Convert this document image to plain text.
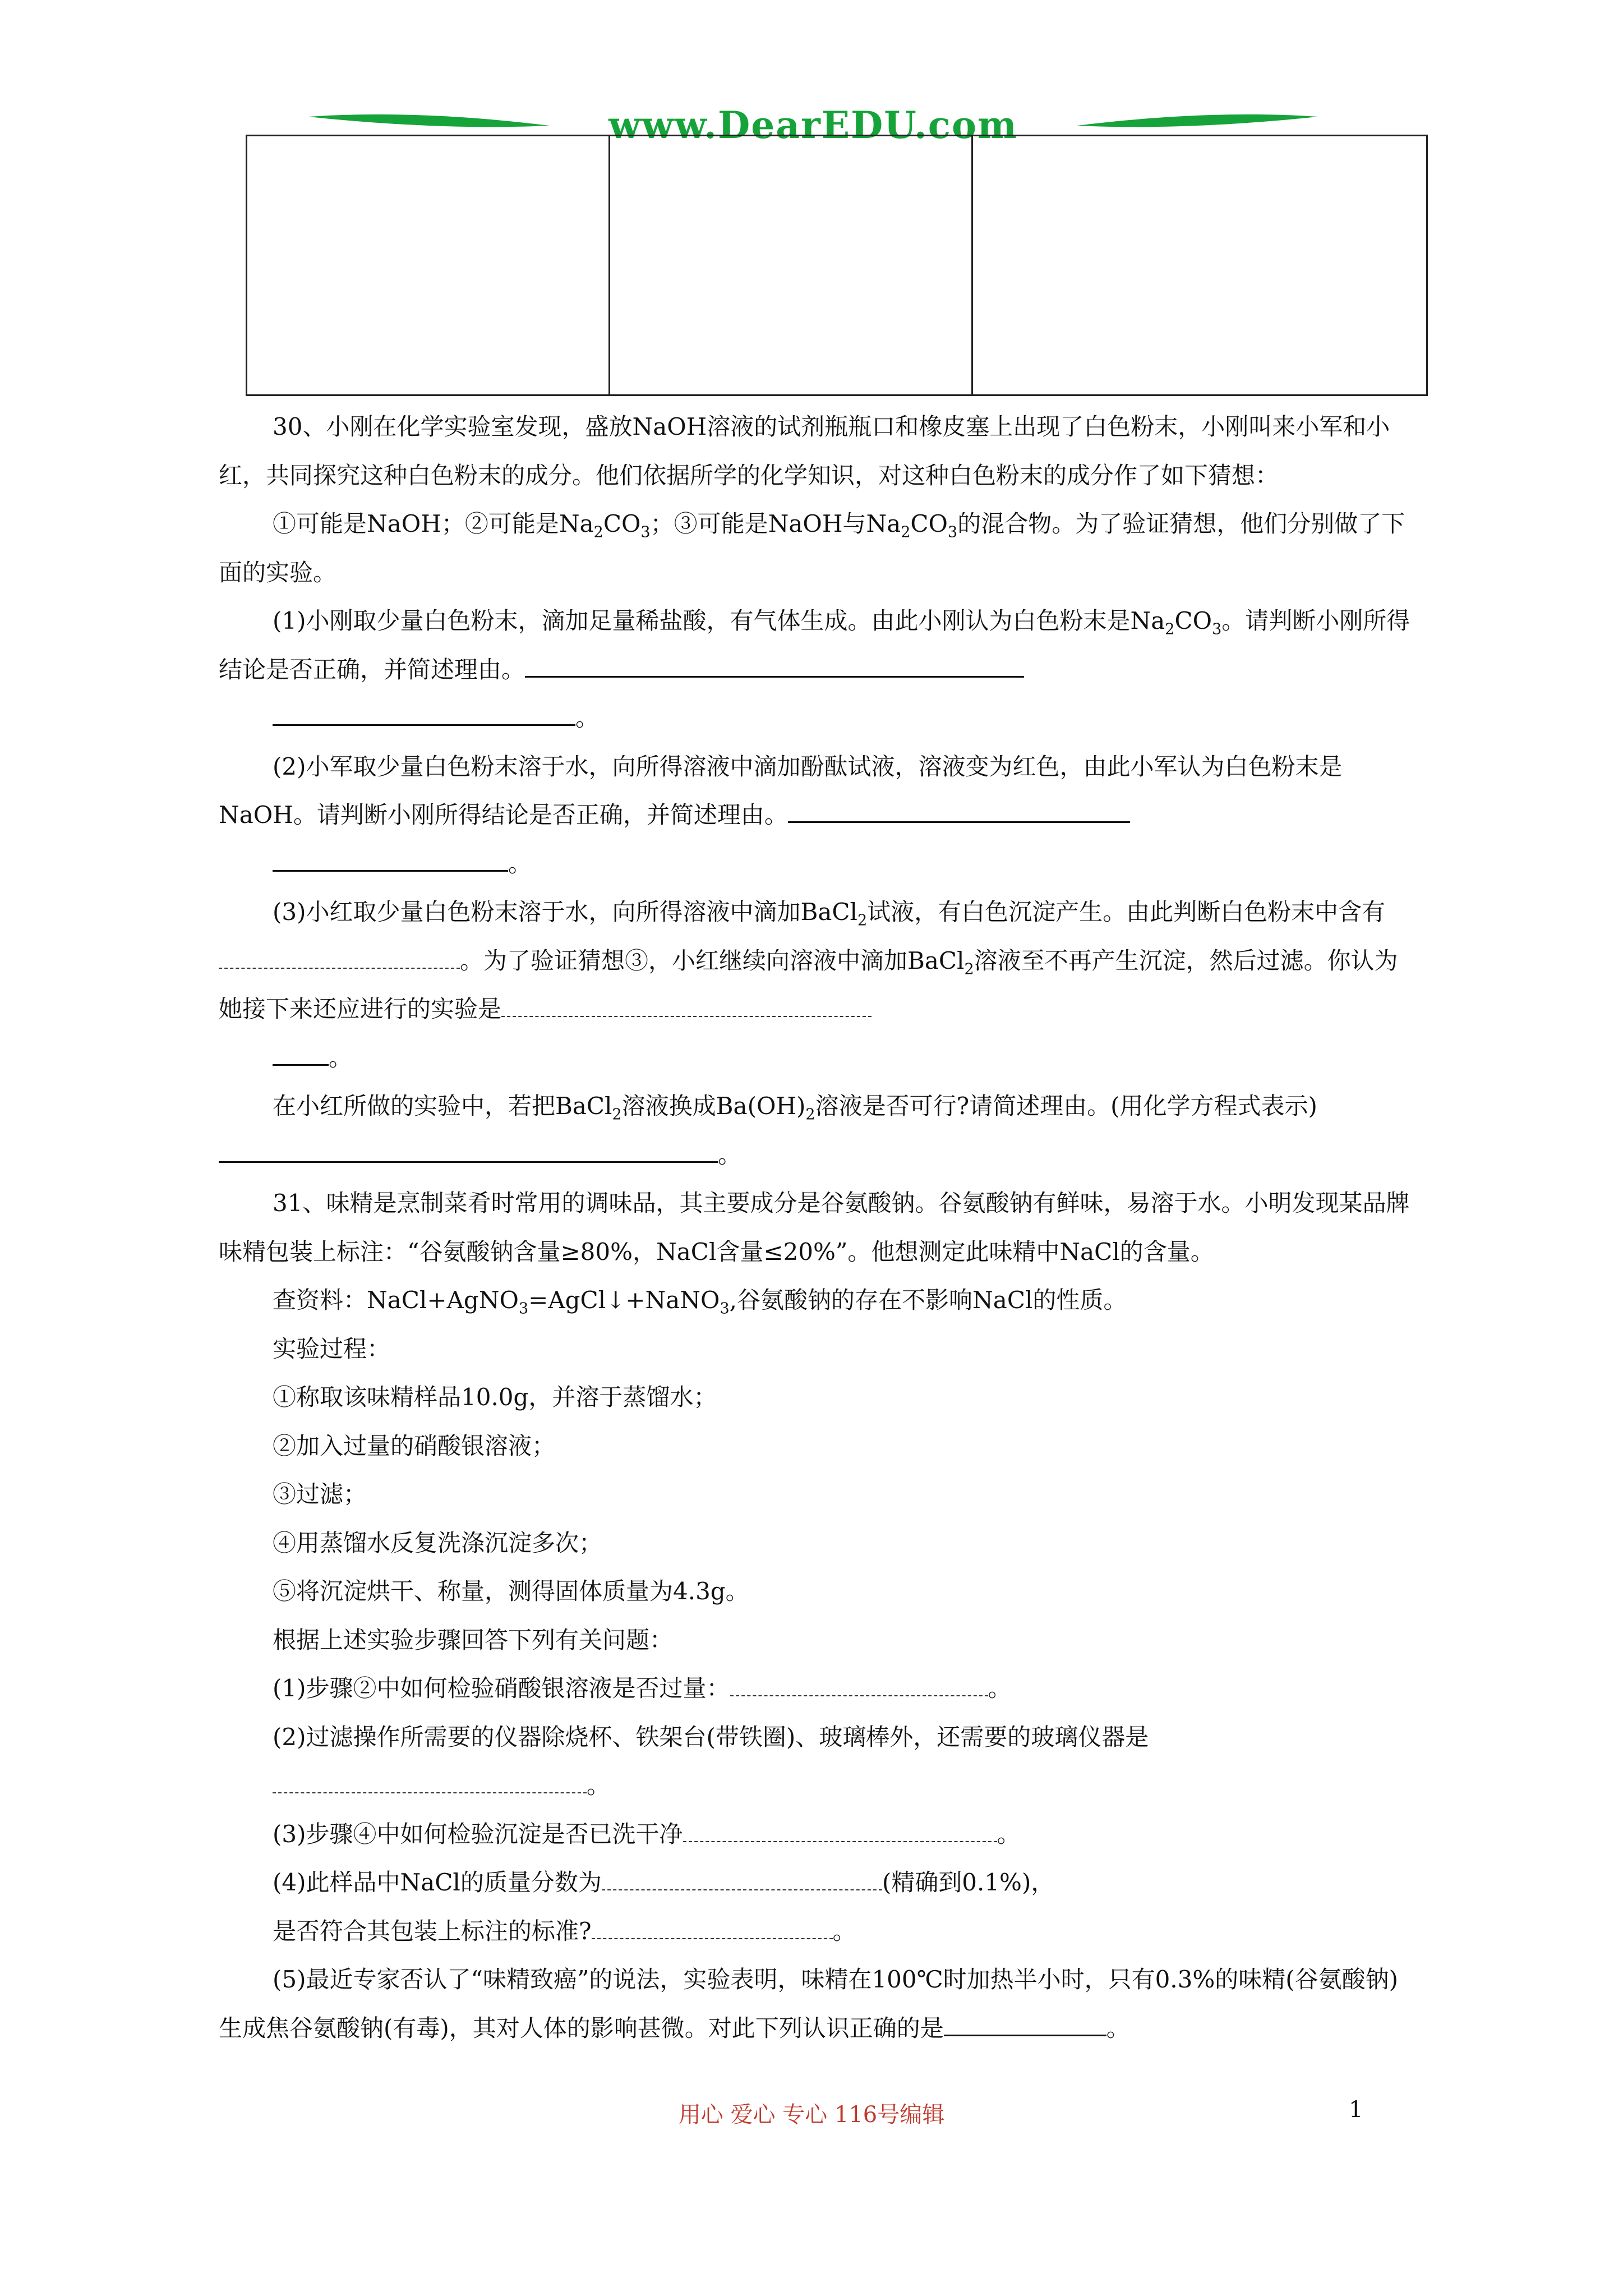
www.DearEDU.com

30、小刚在化学实验室发现，盛放NaOH溶液的试剂瓶瓶口和橡皮塞上出现了白色粉末，小刚叫来小军和小红，共同探究这种白色粉末的成分。他们依据所学的化学知识，对这种白色粉末的成分作了如下猜想：

①可能是NaOH；②可能是$Na_2CO_3$；③可能是NaOH与$Na_2CO_3$的混合物。为了验证猜想，他们分别做了下面的实验。

(1)小刚取少量白色粉末，滴加足量稀盐酸，有气体生成。由此小刚认为白色粉末是$Na_2CO_3$。请判断小刚所得结论是否正确，并简述理由。

。

(2)小军取少量白色粉末溶于水，向所得溶液中滴加酚酞试液，溶液变为红色，由此小军认为白色粉末是NaOH。请判断小刚所得结论是否正确，并简述理由。

。

(3)小红取少量白色粉末溶于水，向所得溶液中滴加BaCl$_2$试液，有白色沉淀产生。由此判断白色粉末中含有。为了验证猜想③，小红继续向溶液中滴加BaCl$_2$溶液至不再产生沉淀，然后过滤。你认为她接下来还应进行的实验是

。

在小红所做的实验中，若把BaCl$_2$溶液换成$Ba(OH)_2$溶液是否可行?请简述理由。(用化学方程式表示)。

31、味精是烹制菜肴时常用的调味品，其主要成分是谷氨酸钠。谷氨酸钠有鲜味，易溶于水。小明发现某品牌味精包装上标注：“谷氨酸钠含量≥80%，NaCl含量≤20%”。他想测定此味精中NaCl的含量。

查资料：NaCl+AgNO$_3$=AgCl↓+NaNO$_3$,谷氨酸钠的存在不影响NaCl的性质。

实验过程：

①称取该味精样品10.0g，并溶于蒸馏水；

②加入过量的硝酸银溶液；

③过滤；

④用蒸馏水反复洗涤沉淀多次；

⑤将沉淀烘干、称量，测得固体质量为4.3g。

根据上述实验步骤回答下列有关问题：

(1)步骤②中如何检验硝酸银溶液是否过量：	。

(2)过滤操作所需要的仪器除烧杯、铁架台(带铁圈)、玻璃棒外，还需要的玻璃仪器是

。

(3)步骤④中如何检验沉淀是否已洗干净	。

(4)此样品中NaCl的质量分数为	(精确到0.1%)，

是否符合其包装上标注的标准?	。

(5)最近专家否认了“味精致癌”的说法，实验表明，味精在100℃时加热半小时，只有0.3%的味精(谷氨酸钠)生成焦谷氨酸钠(有毒)，其对人体的影响甚微。对此下列认识正确的是	。

用心 爱心 专心 116号编辑	1
